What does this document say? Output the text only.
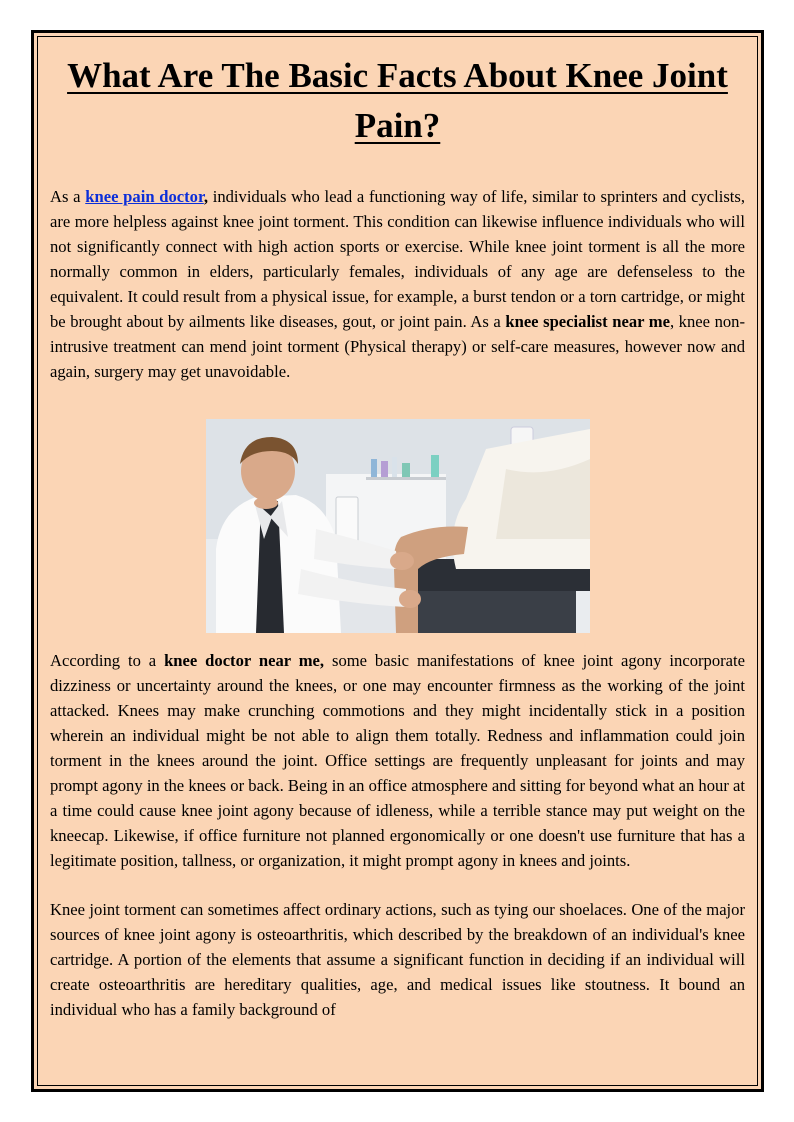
What Are The Basic Facts About Knee Joint Pain?

As a knee pain doctor, individuals who lead a functioning way of life, similar to sprinters and cyclists, are more helpless against knee joint torment. This condition can likewise influence individuals who will not significantly connect with high action sports or exercise. While knee joint torment is all the more normally common in elders, particularly females, individuals of any age are defenseless to the equivalent. It could result from a physical issue, for example, a burst tendon or a torn cartridge, or might be brought about by ailments like diseases, gout, or joint pain. As a knee specialist near me, knee non-intrusive treatment can mend joint torment (Physical therapy) or self-care measures, however now and again, surgery may get unavoidable.

According to a knee doctor near me, some basic manifestations of knee joint agony incorporate dizziness or uncertainty around the knees, or one may encounter firmness as the working of the joint attacked. Knees may make crunching commotions and they might incidentally stick in a position wherein an individual might be not able to align them totally. Redness and inflammation could join torment in the knees around the joint. Office settings are frequently unpleasant for joints and may prompt agony in the knees or back. Being in an office atmosphere and sitting for beyond what an hour at a time could cause knee joint agony because of idleness, while a terrible stance may put weight on the kneecap. Likewise, if office furniture not planned ergonomically or one doesn't use furniture that has a legitimate position, tallness, or organization, it might prompt agony in knees and joints.

Knee joint torment can sometimes affect ordinary actions, such as tying our shoelaces. One of the major sources of knee joint agony is osteoarthritis, which described by the breakdown of an individual's knee cartridge. A portion of the elements that assume a significant function in deciding if an individual will create osteoarthritis are hereditary qualities, age, and medical issues like stoutness. It bound an individual who has a family background of
